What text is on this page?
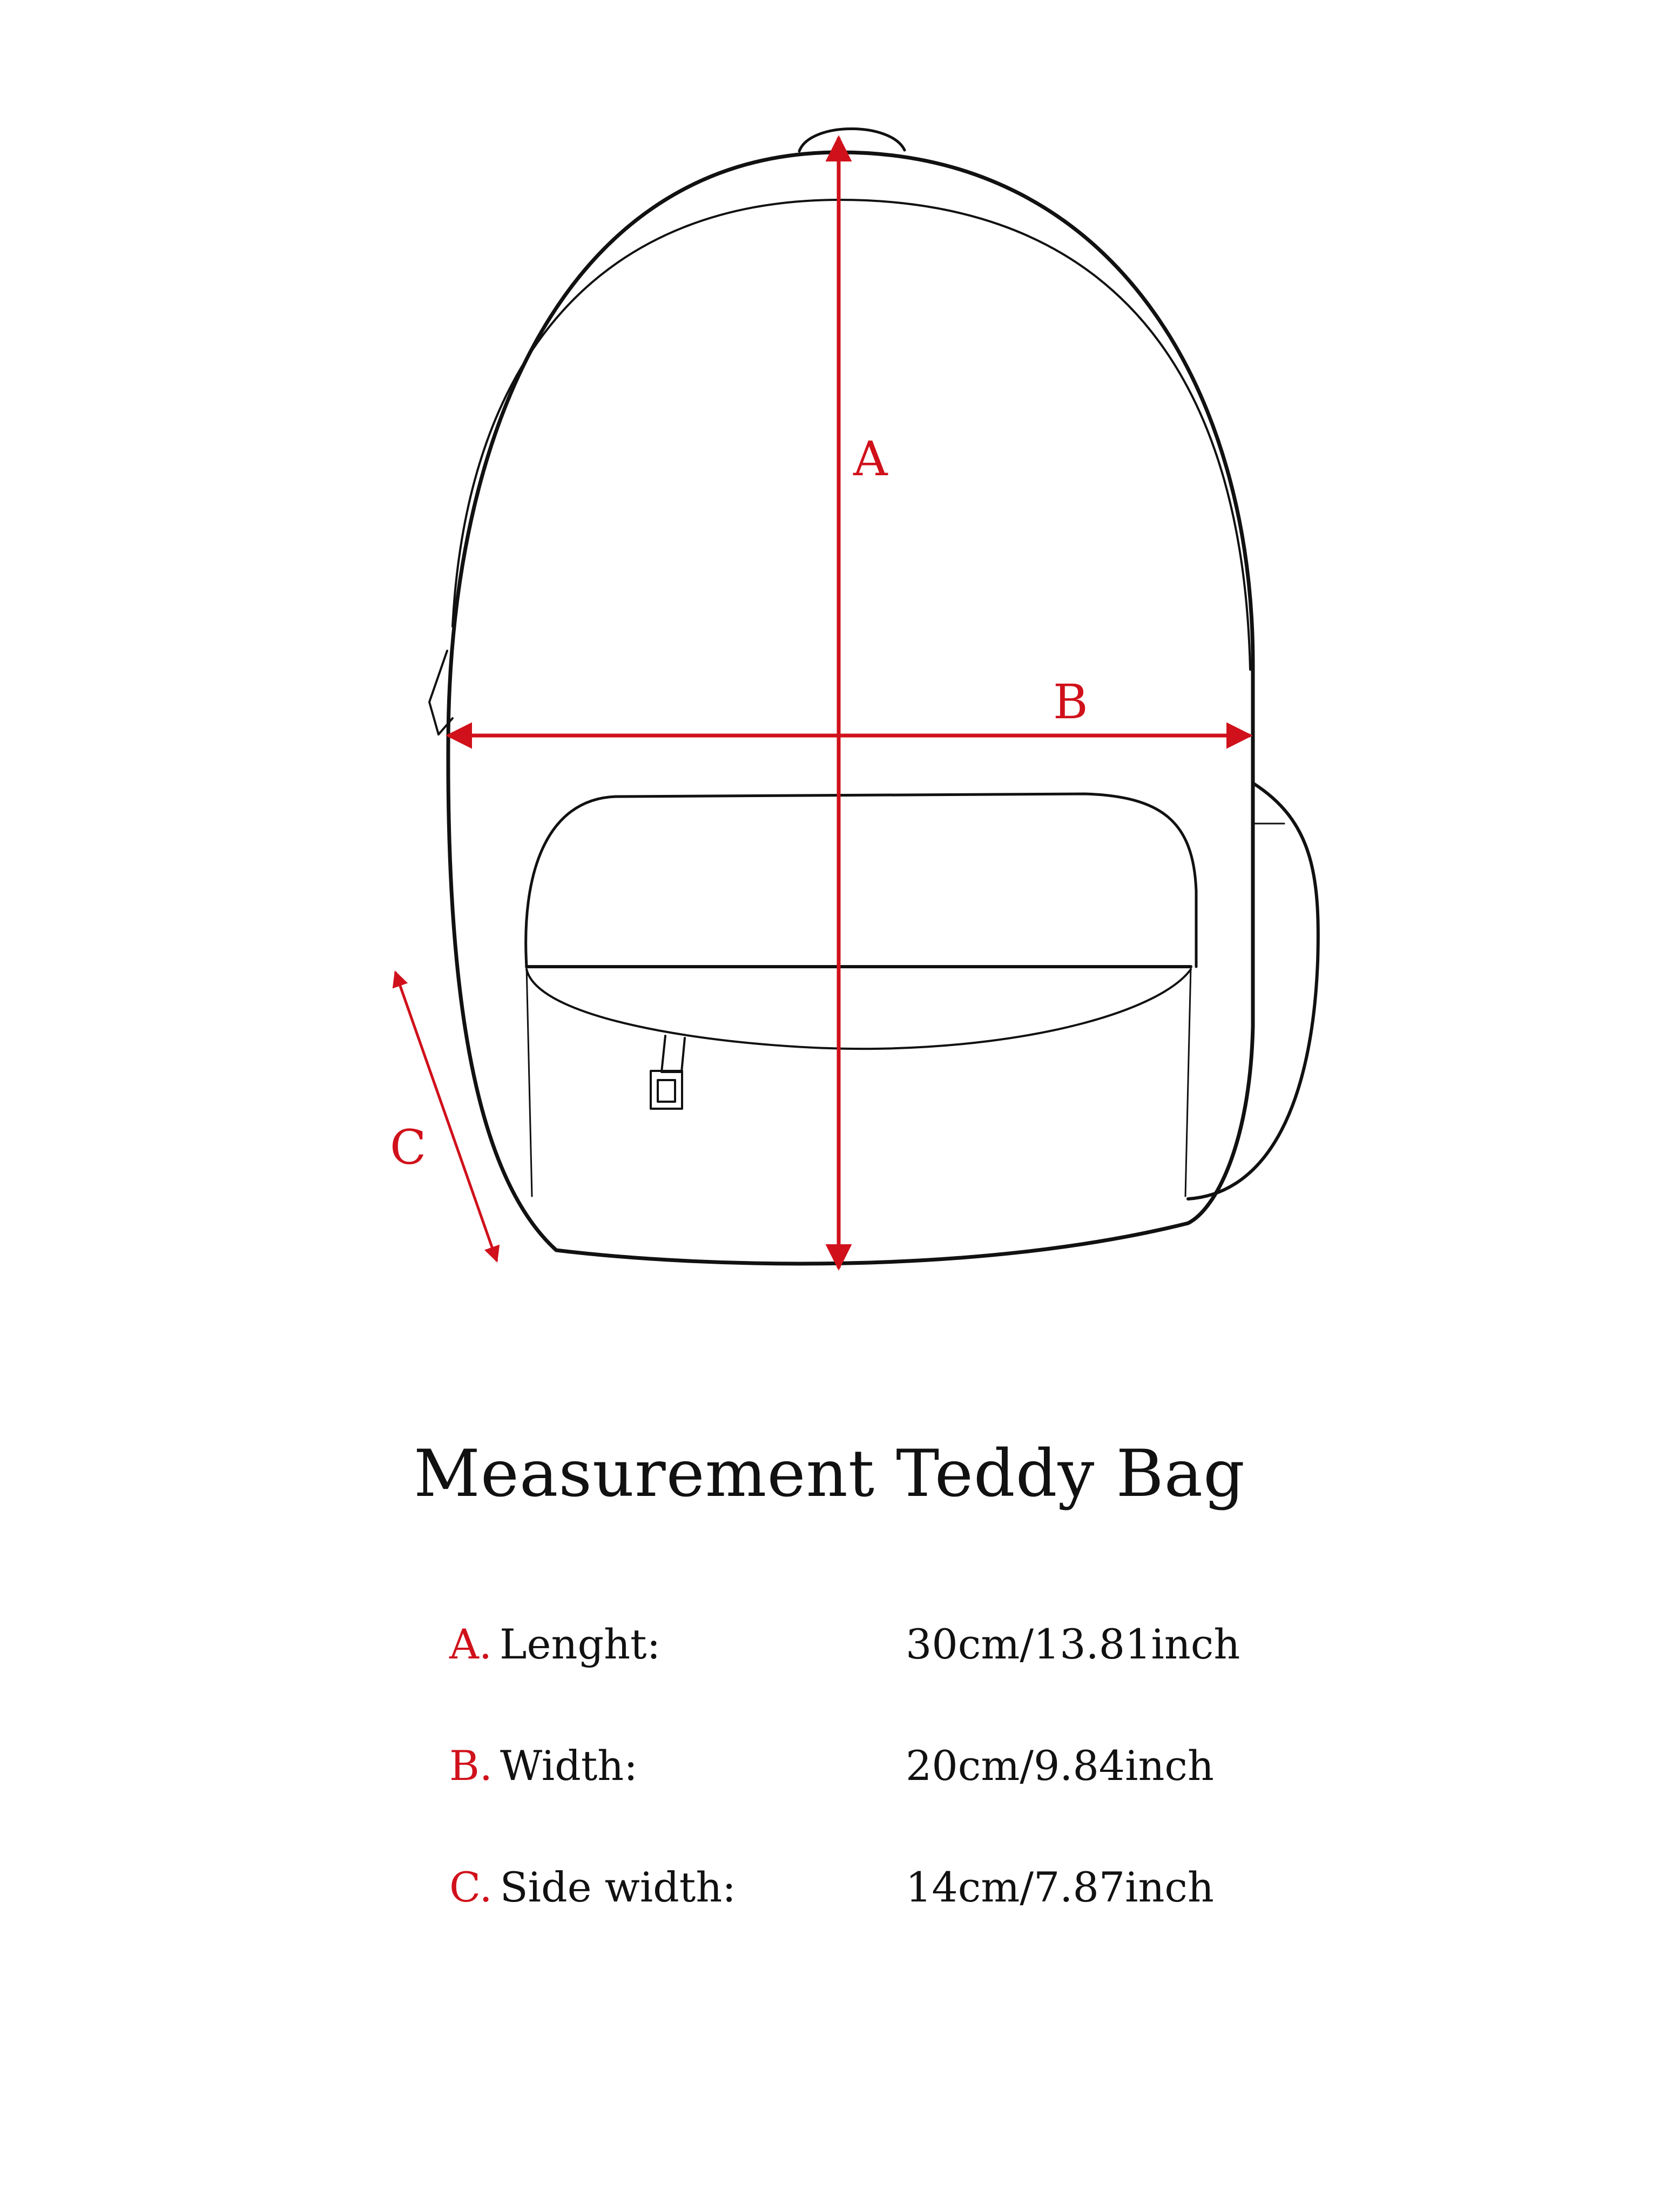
A
B
C
Measurement Teddy Bag
A. Lenght:	30cm/13.81inch
B. Width:	20cm/9.84inch
C. Side width:	14cm/7.87inch
